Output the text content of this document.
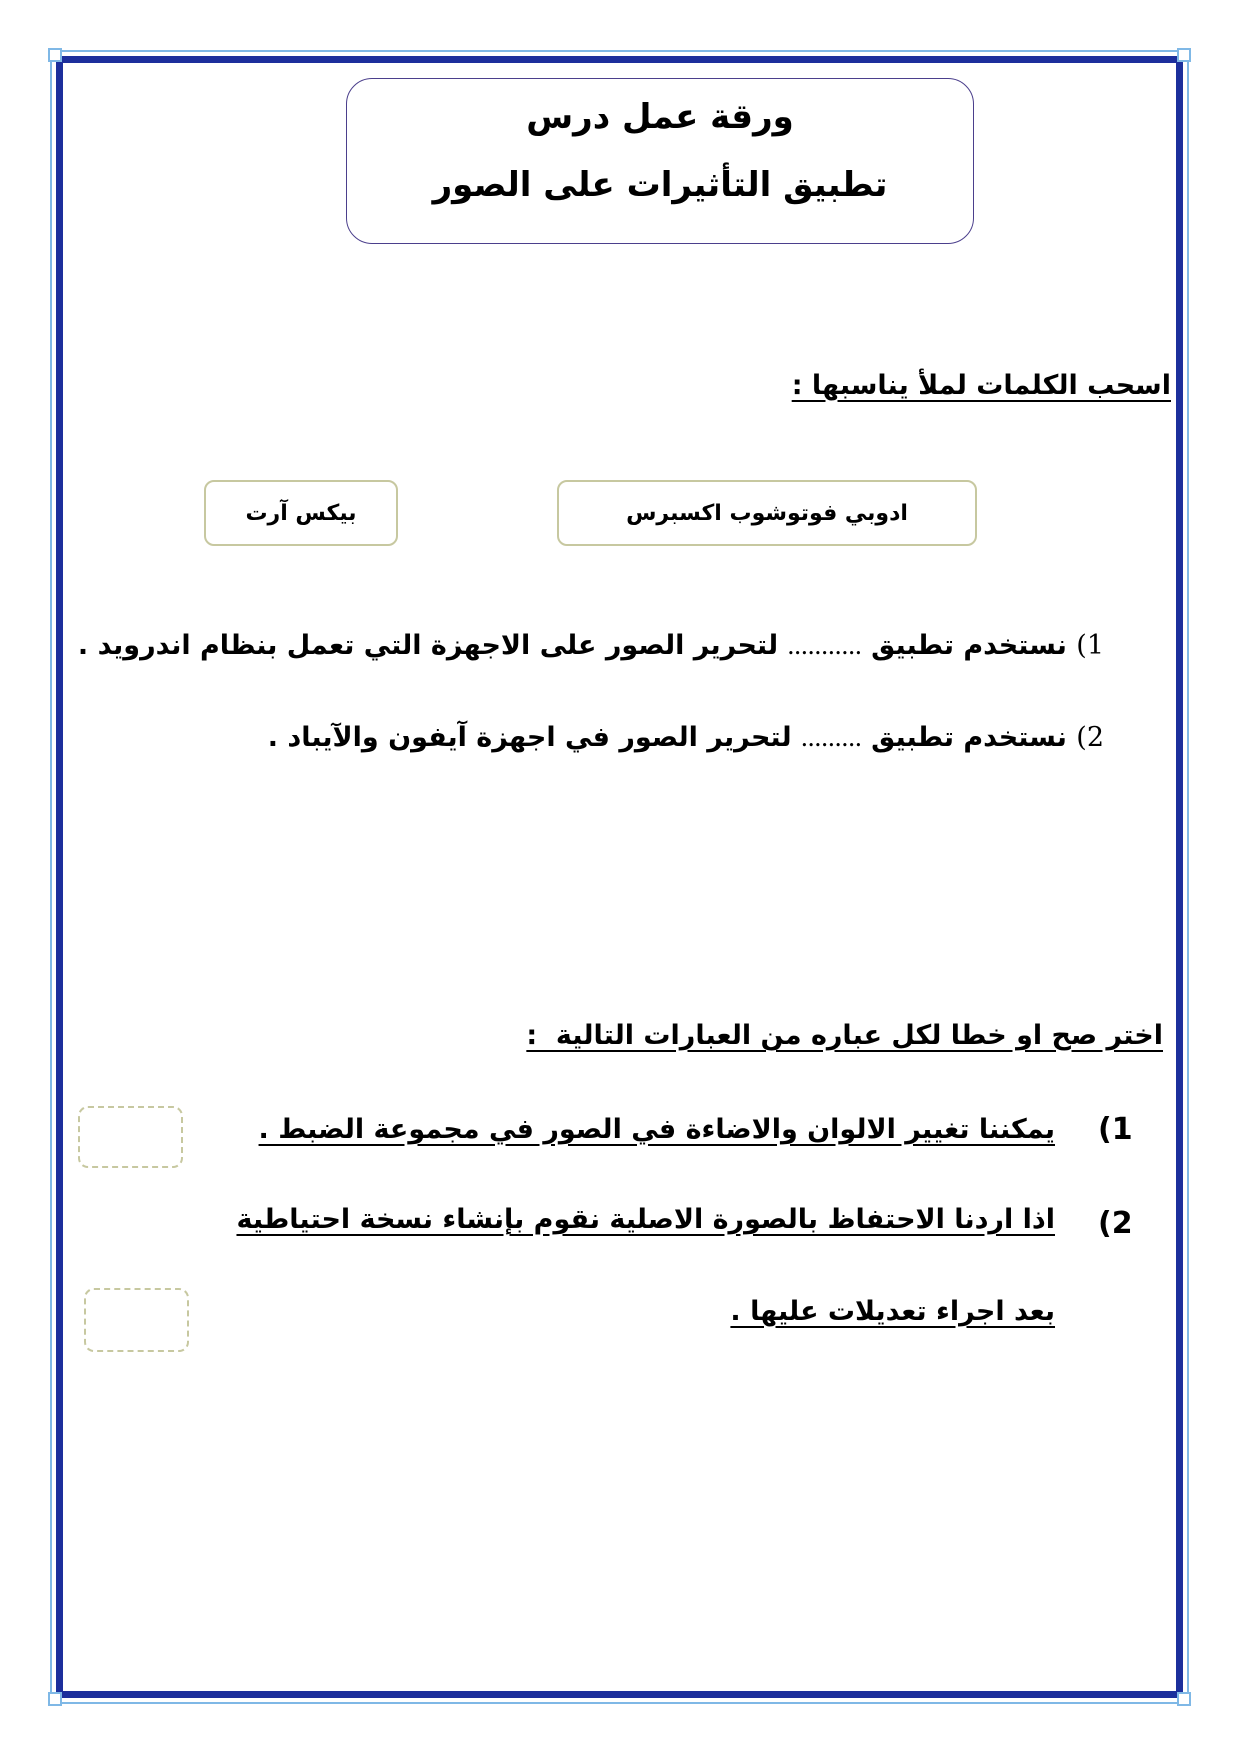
ورقة عمل درس
تطبيق التأثيرات على الصور
اسحب الكلمات لملأ يناسبها :
ادوبي فوتوشوب اكسبرس
بيكس آرت
1) نستخدم تطبيق ........... لتحرير الصور على الاجهزة التي تعمل بنظام اندرويد .
2) نستخدم تطبيق ......... لتحرير الصور في اجهزة آيفون والآيباد .
اختر صح او خطا لكل عباره من العبارات التالية  :
(1
يمكننا تغيير الالوان والاضاءة في الصور في مجموعة الضبط .
(2
اذا اردنا الاحتفاظ بالصورة الاصلية نقوم بإنشاء نسخة احتياطية
بعد اجراء تعديلات عليها .
